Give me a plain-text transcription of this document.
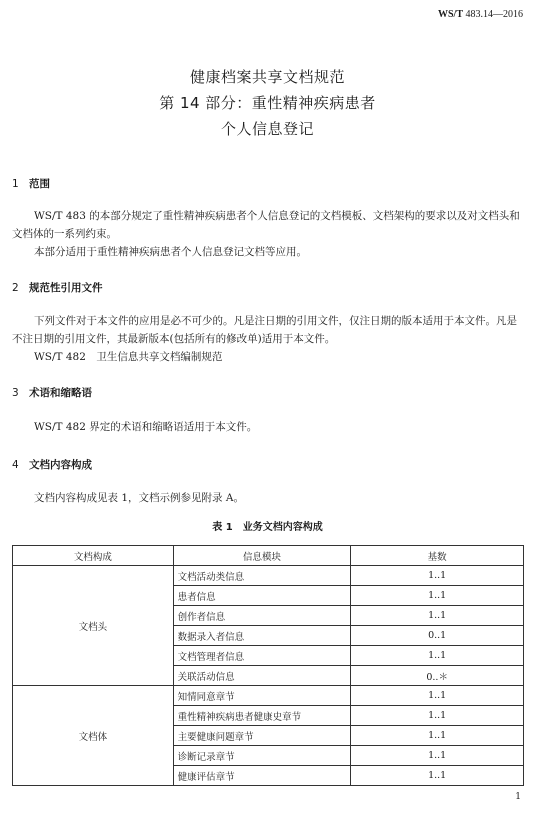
WS/T 483.14—2016
健康档案共享文档规范
第 14 部分：重性精神疾病患者
个人信息登记
1 范围
WS/T 483 的本部分规定了重性精神疾病患者个人信息登记的文档模板、文档架构的要求以及对文档头和文档体的一系列约束。
本部分适用于重性精神疾病患者个人信息登记文档等应用。
2 规范性引用文件
下列文件对于本文件的应用是必不可少的。凡是注日期的引用文件，仅注日期的版本适用于本文件。凡是不注日期的引用文件，其最新版本(包括所有的修改单)适用于本文件。
WS/T 482　卫生信息共享文档编制规范
3 术语和缩略语
WS/T 482 界定的术语和缩略语适用于本文件。
4 文档内容构成
文档内容构成见表 1，文档示例参见附录 A。
表 1　业务文档内容构成
文档构成	信息模块	基数
文档头	文档活动类信息	1..1
	患者信息	1..1
	创作者信息	1..1
	数据录入者信息	0..1
	文档管理者信息	1..1
	关联活动信息	0..＊
文档体	知情同意章节	1..1
	重性精神疾病患者健康史章节	1..1
	主要健康问题章节	1..1
	诊断记录章节	1..1
	健康评估章节	1..1
1
